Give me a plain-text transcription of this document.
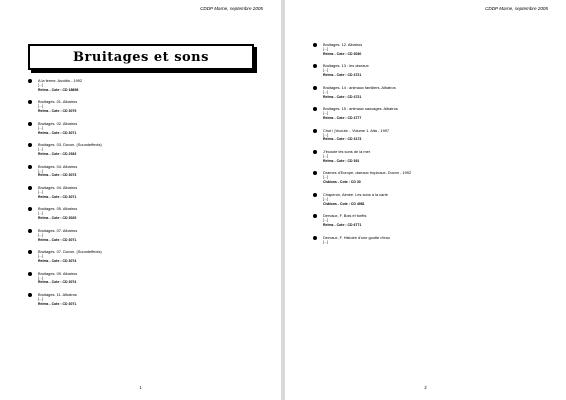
CDDP Marne, septembre 2005
Bruitages et sons
A la ferme. Auvidis - 1992
[...]
Relms - Cote : CD 18698
Bruitages. 01. Albatros
[...]
Relms - Cote : CD 3079
Bruitages. 02. Albatros
[...]
Relms - Cote : CD 3071
Bruitages. 03. Duvon. (Soundeffects)
[...]
Relms - Cote : CD 2933
Bruitages. 04. Albatros
[...]
Relms - Cote : CD 3073
Bruitages. 04. Albatros
[...]
Relms - Cote : CD 3071
Bruitages. 05. Albatros
[...]
Relms - Cote : CD 3029
Bruitages. 07. Albatros
[...]
Relms - Cote : CD 3071
Bruitages. 07. Duvon. (Soundeffects)
[...]
Relms - Cote : CD 3074
Bruitages. 09. Albatros
[...]
Relms - Cote : CD 3074
Bruitages. 11. Albatros
[...]
Relms - Cote : CD 3071
1
CDDP Marne, septembre 2005
Bruitages. 12. Albatros
[...]
Relms - Cote : CD 3030
Bruitages. 13 : les oiseaux
[...]
Relms - Cote : CD 4721
Bruitages. 14 : animaux familiers. Albatros
[...]
Relms - Cote : CD 4721
Bruitages. 15 : animaux sauvages. Albatros
[...]
Relms - Cote : CD 4777
Chut ! j'écoute... Volume 1. Alta - 1997
[...]
Relms - Cote : CD 3173
J'écoute les sons de la mer
[...]
Relms - Cote : CD 391
Drames d'Europe, oiseaux tropicaux. Duvon - 1992
[...]
Châlons - Cote : CD 30
Chaperon, Aimée. Les sons à la carte
[...]
Châlons - Cote : CD 4981
Dervaux, F. Bois et forêts
[...]
Relms - Cote : CD 6771
Dervaux, F. Histoire d'une goutte d'eau
[...]
2
